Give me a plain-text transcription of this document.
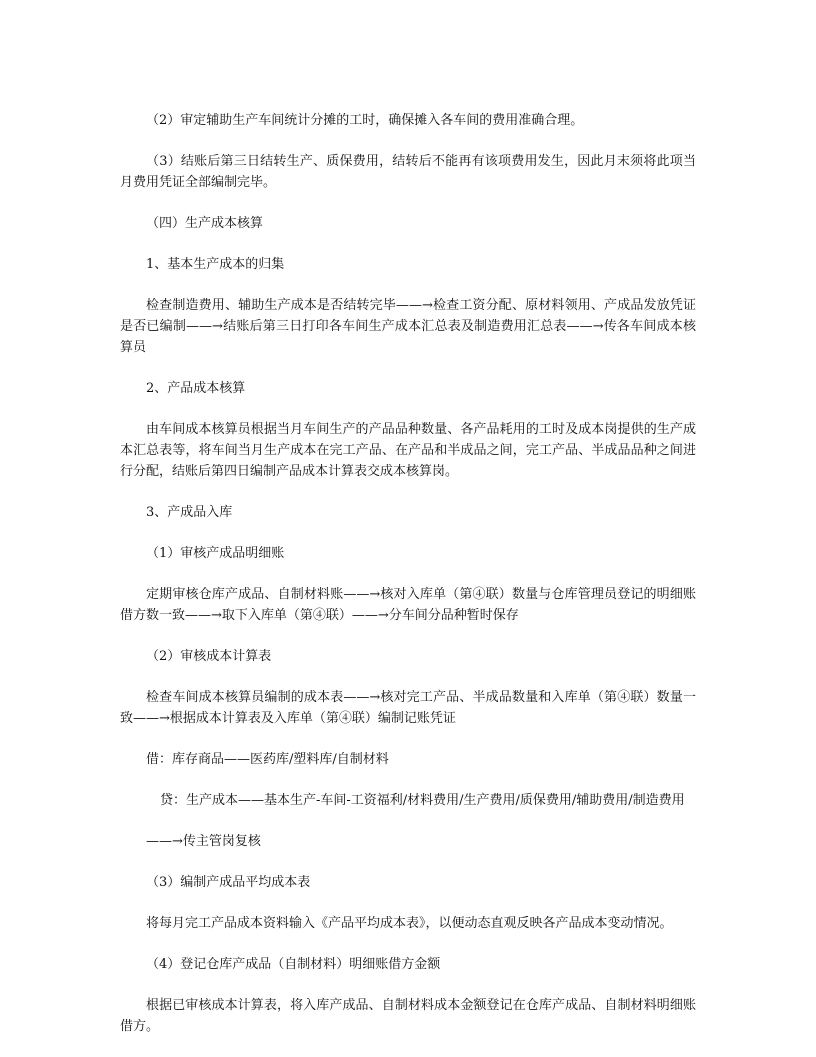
（2）审定辅助生产车间统计分摊的工时，确保摊入各车间的费用准确合理。

（3）结账后第三日结转生产、质保费用，结转后不能再有该项费用发生，因此月末须将此项当月费用凭证全部编制完毕。

（四）生产成本核算

1、基本生产成本的归集

检查制造费用、辅助生产成本是否结转完毕——→检查工资分配、原材料领用、产成品发放凭证是否已编制——→结账后第三日打印各车间生产成本汇总表及制造费用汇总表——→传各车间成本核算员

2、产品成本核算

由车间成本核算员根据当月车间生产的产品品种数量、各产品耗用的工时及成本岗提供的生产成本汇总表等，将车间当月生产成本在完工产品、在产品和半成品之间，完工产品、半成品品种之间进行分配，结账后第四日编制产品成本计算表交成本核算岗。

3、产成品入库

（1）审核产成品明细账

定期审核仓库产成品、自制材料账——→核对入库单（第④联）数量与仓库管理员登记的明细账借方数一致——→取下入库单（第④联）——→分车间分品种暂时保存

（2）审核成本计算表

检查车间成本核算员编制的成本表——→核对完工产品、半成品数量和入库单（第④联）数量一致——→根据成本计算表及入库单（第④联）编制记账凭证

借：库存商品——医药库/塑料库/自制材料

贷：生产成本——基本生产-车间-工资福利/材料费用/生产费用/质保费用/辅助费用/制造费用

——→传主管岗复核

（3）编制产成品平均成本表

将每月完工产品成本资料输入《产品平均成本表》，以便动态直观反映各产品成本变动情况。

（4）登记仓库产成品（自制材料）明细账借方金额

根据已审核成本计算表，将入库产成品、自制材料成本金额登记在仓库产成品、自制材料明细账借方。
